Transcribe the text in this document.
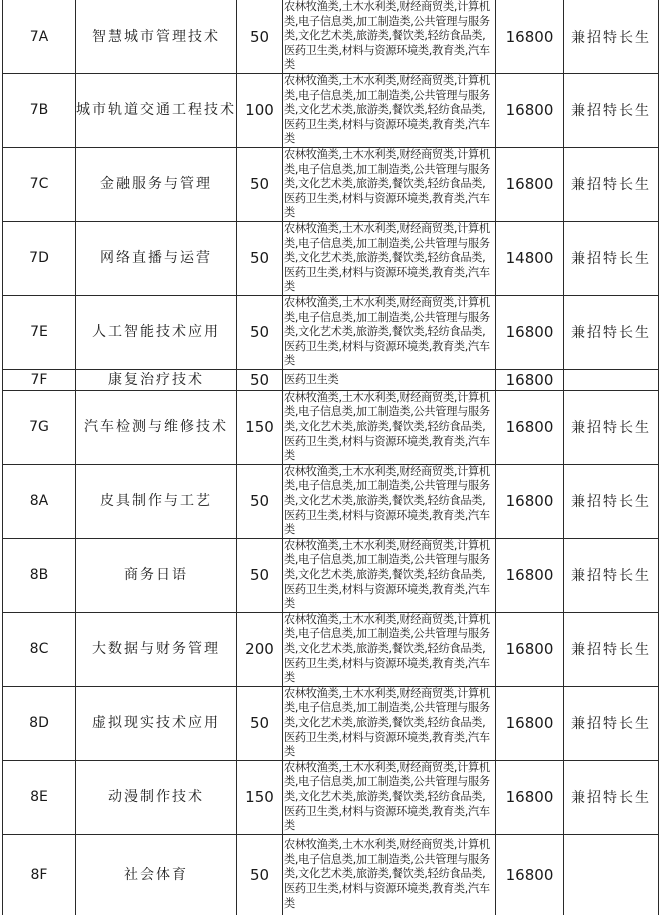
7A	智慧城市管理技术	50	农林牧渔类,土木水利类,财经商贸类,计算机类,电子信息类,加工制造类,公共管理与服务类,文化艺术类,旅游类,餐饮类,轻纺食品类,医药卫生类,材料与资源环境类,教育类,汽车类	16800	兼招特长生
7B	城市轨道交通工程技术	100	农林牧渔类,土木水利类,财经商贸类,计算机类,电子信息类,加工制造类,公共管理与服务类,文化艺术类,旅游类,餐饮类,轻纺食品类,医药卫生类,材料与资源环境类,教育类,汽车类	16800	兼招特长生
7C	金融服务与管理	50	农林牧渔类,土木水利类,财经商贸类,计算机类,电子信息类,加工制造类,公共管理与服务类,文化艺术类,旅游类,餐饮类,轻纺食品类,医药卫生类,材料与资源环境类,教育类,汽车类	16800	兼招特长生
7D	网络直播与运营	50	农林牧渔类,土木水利类,财经商贸类,计算机类,电子信息类,加工制造类,公共管理与服务类,文化艺术类,旅游类,餐饮类,轻纺食品类,医药卫生类,材料与资源环境类,教育类,汽车类	14800	兼招特长生
7E	人工智能技术应用	50	农林牧渔类,土木水利类,财经商贸类,计算机类,电子信息类,加工制造类,公共管理与服务类,文化艺术类,旅游类,餐饮类,轻纺食品类,医药卫生类,材料与资源环境类,教育类,汽车类	16800	兼招特长生
7F	康复治疗技术	50	医药卫生类	16800	
7G	汽车检测与维修技术	150	农林牧渔类,土木水利类,财经商贸类,计算机类,电子信息类,加工制造类,公共管理与服务类,文化艺术类,旅游类,餐饮类,轻纺食品类,医药卫生类,材料与资源环境类,教育类,汽车类	16800	兼招特长生
8A	皮具制作与工艺	50	农林牧渔类,土木水利类,财经商贸类,计算机类,电子信息类,加工制造类,公共管理与服务类,文化艺术类,旅游类,餐饮类,轻纺食品类,医药卫生类,材料与资源环境类,教育类,汽车类	16800	兼招特长生
8B	商务日语	50	农林牧渔类,土木水利类,财经商贸类,计算机类,电子信息类,加工制造类,公共管理与服务类,文化艺术类,旅游类,餐饮类,轻纺食品类,医药卫生类,材料与资源环境类,教育类,汽车类	16800	兼招特长生
8C	大数据与财务管理	200	农林牧渔类,土木水利类,财经商贸类,计算机类,电子信息类,加工制造类,公共管理与服务类,文化艺术类,旅游类,餐饮类,轻纺食品类,医药卫生类,材料与资源环境类,教育类,汽车类	16800	兼招特长生
8D	虚拟现实技术应用	50	农林牧渔类,土木水利类,财经商贸类,计算机类,电子信息类,加工制造类,公共管理与服务类,文化艺术类,旅游类,餐饮类,轻纺食品类,医药卫生类,材料与资源环境类,教育类,汽车类	16800	兼招特长生
8E	动漫制作技术	150	农林牧渔类,土木水利类,财经商贸类,计算机类,电子信息类,加工制造类,公共管理与服务类,文化艺术类,旅游类,餐饮类,轻纺食品类,医药卫生类,材料与资源环境类,教育类,汽车类	16800	兼招特长生
8F	社会体育	50	农林牧渔类,土木水利类,财经商贸类,计算机类,电子信息类,加工制造类,公共管理与服务类,文化艺术类,旅游类,餐饮类,轻纺食品类,医药卫生类,材料与资源环境类,教育类,汽车类	16800	
